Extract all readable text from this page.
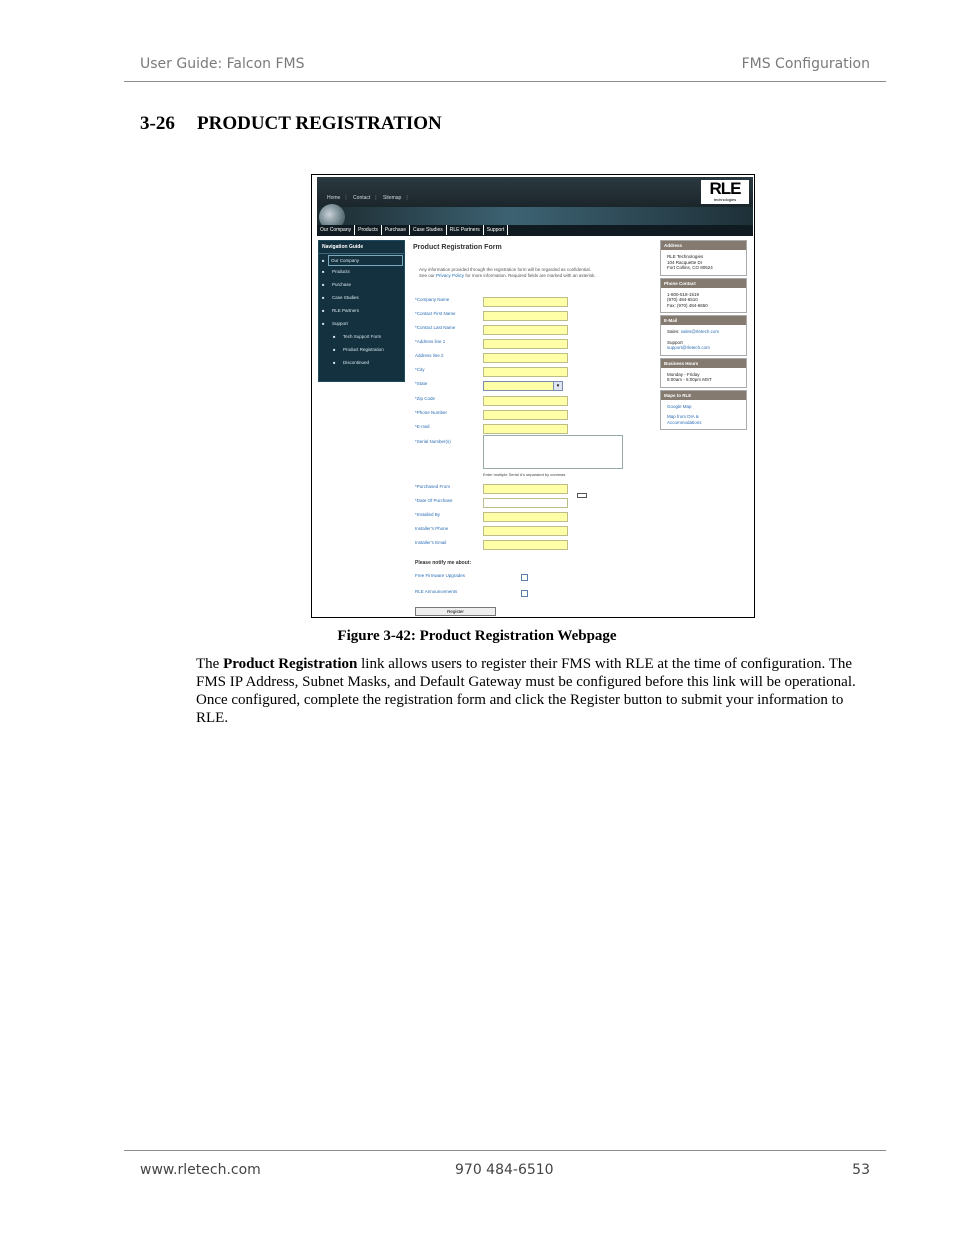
User Guide: Falcon FMS	FMS Configuration
3-26 PRODUCT REGISTRATION
Home | Contact | Sitemap |	RLE
technologies
Our Company Products Purchase Case Studies RLE Partners Support
Navigation Guide
■ Our Company
■ Products
■ Purchase
■ Case Studies
■ RLE Partners
■ Support
■ Tech Support Form
■ Product Registration
■ Discontinued
Product Registration Form
Any information provided through the registration form will be regarded as confidential.
See our Privacy Policy for more information. Required fields are marked with an asterisk.
*Company Name
*Contact First Name
*Contact Last Name
*Address line 1
Address line 2
*City
*State	▾
*Zip Code
*Phone Number
*E-mail
*Serial Number(s)
Enter multiple Serial #'s separated by commas
*Purchased From
*Date Of Purchase
*Installed By
Installer's Phone
Installer's Email
Please notify me about:
Free Firmware Upgrades
RLE Announcements
Register
Address
RLE Technologies
104 Racquette Dr
Fort Collins, CO 80524
Phone Contact
1-800-518-1519
(970) 484-6510
Fax: (970) 484-6650
E-Mail
Sales: sales@rletech.com
Support
support@rletech.com
Business Hours
Monday - Friday
8:00am - 5:00pm MST
Maps to RLE
Google Map
Map from DIA &
Accommodations
Figure 3-42: Product Registration Webpage
The Product Registration link allows users to register their FMS with RLE at the time of configuration. The FMS IP Address, Subnet Masks, and Default Gateway must be configured before this link will be operational. Once configured, complete the registration form and click the Register button to submit your information to RLE.
www.rletech.com	970 484-6510	53
